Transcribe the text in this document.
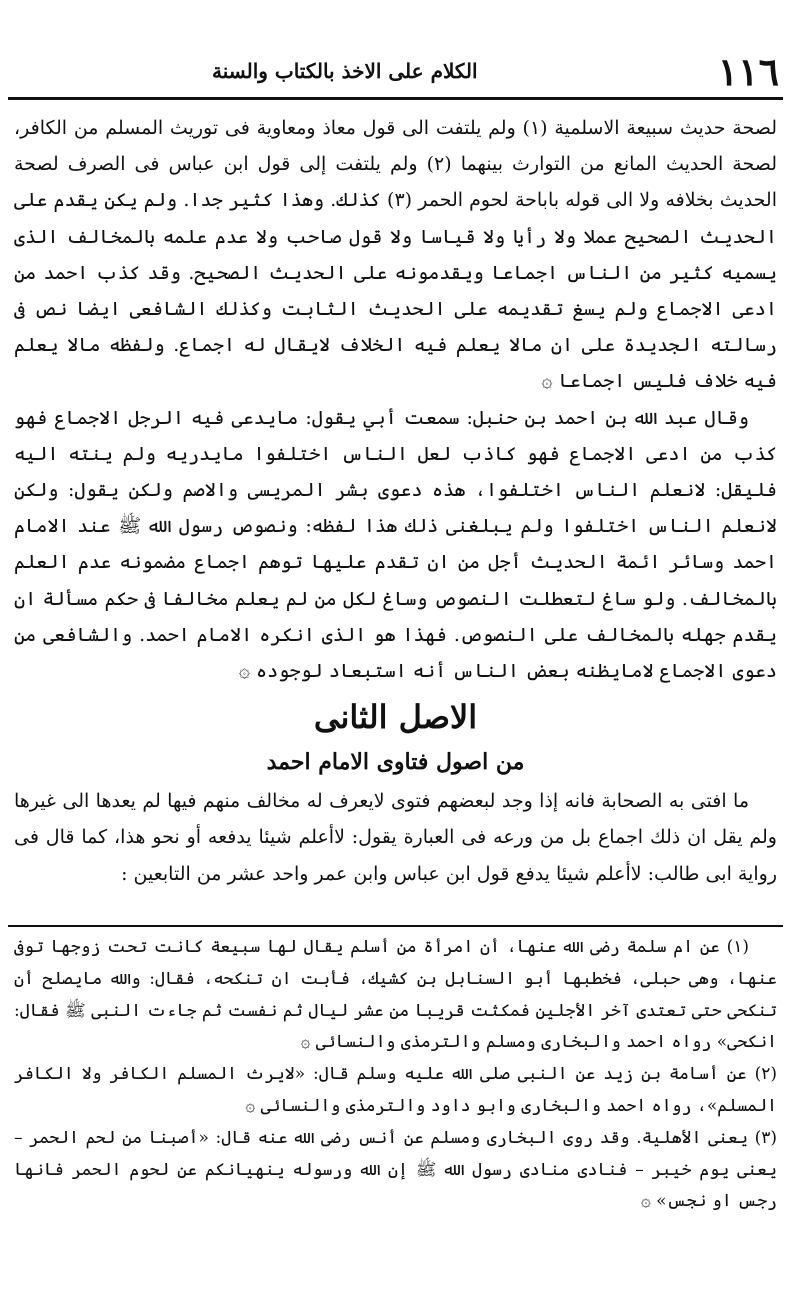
١١٦
الكلام على الاخذ بالكتاب والسنة

لصحة حديث سبيعة الاسلمية (١) ولم يلتفت الى قول معاذ ومعاوية فى توريث المسلم من الكافر، لصحة الحديث المانع من التوارث بينهما (٢) ولم يلتفت إلى قول ابن عباس فى الصرف لصحة الحديث بخلافه ولا الى قوله باباحة لحوم الحمر (٣) كذلك. وهذا كثير جدا. ولم يكن يقدم على الحديث الصحيح عملا ولا رأيا ولا قياسا ولا قول صاحب ولا عدم علمه بالمخالف الذى يسميه كثير من الناس اجماعا ويقدمونه على الحديث الصحيح. وقد كذب احمد من ادعى الاجماع ولم يسغ تقديمه على الحديث الثابت وكذلك الشافعى ايضا نص فى رسالته الجديدة على ان مالا يعلم فيه الخلاف لايقال له اجماع. ولفظه مالا يعلم فيه خلاف فليس اجماعا ۞

وقال عبد الله بن احمد بن حنبل: سمعت أبي يقول: مايدعى فيه الرجل الاجماع فهو كذب من ادعى الاجماع فهو كاذب لعل الناس اختلفوا مايدريه ولم ينته اليه فليقل: لانعلم الناس اختلفوا، هذه دعوى بشر المريسى والاصم ولكن يقول: ولكن لانعلم الناس اختلفوا ولم يبلغنى ذلك هذا لفظه: ونصوص رسول الله ﷺ عند الامام احمد وسائر ائمة الحديث أجل من ان تقدم عليها توهم اجماع مضمونه عدم العلم بالمخالف. ولو ساغ لتعطلت النصوص وساغ لكل من لم يعلم مخالفا فى حكم مسألة ان يقدم جهله بالمخالف على النصوص. فهذا هو الذى انكره الامام احمد. والشافعى من دعوى الاجماع لامايظنه بعض الناس أنه استبعاد لوجوده ۞

الاصل الثانى
من اصول فتاوى الامام احمد

ما افتى به الصحابة فانه إذا وجد لبعضهم فتوى لايعرف له مخالف منهم فيها لم يعدها الى غيرها ولم يقل ان ذلك اجماع بل من ورعه فى العبارة يقول: لاأعلم شيئا يدفعه أو نحو هذا، كما قال فى رواية ابى طالب: لاأعلم شيئا يدفع قول ابن عباس وابن عمر واحد عشر من التابعين :

(١) عن ام سلمة رضى الله عنها، أن امرأة من أسلم يقال لها سبيعة كانت تحت زوجها توفى عنها، وهى حبلى، فخطبها أبو السنابل بن كشيك، فأبت ان تنكحه، فقال: والله مايصلح أن تنكحى حتى تعتدى آخر الأجلين فمكثت قريبا من عشر ليال ثم نفست ثم جاءت النبى ﷺ فقال: انكحى» رواه احمد والبخارى ومسلم والترمذى والنسائى ۞

(٢) عن أسامة بن زيد عن النبى صلى الله عليه وسلم قال: «لايرث المسلم الكافر ولا الكافر المسلم»، رواه احمد والبخارى وابو داود والترمذى والنسائى ۞

(٣) يعنى الأهلية. وقد روى البخارى ومسلم عن أنس رضى الله عنه قال: «أصبنا من لحم الحمر – يعنى يوم خيبر – فنادى منادى رسول الله ﷺ إن الله ورسوله ينهيانكم عن لحوم الحمر فانها رجس او نجس» ۞
